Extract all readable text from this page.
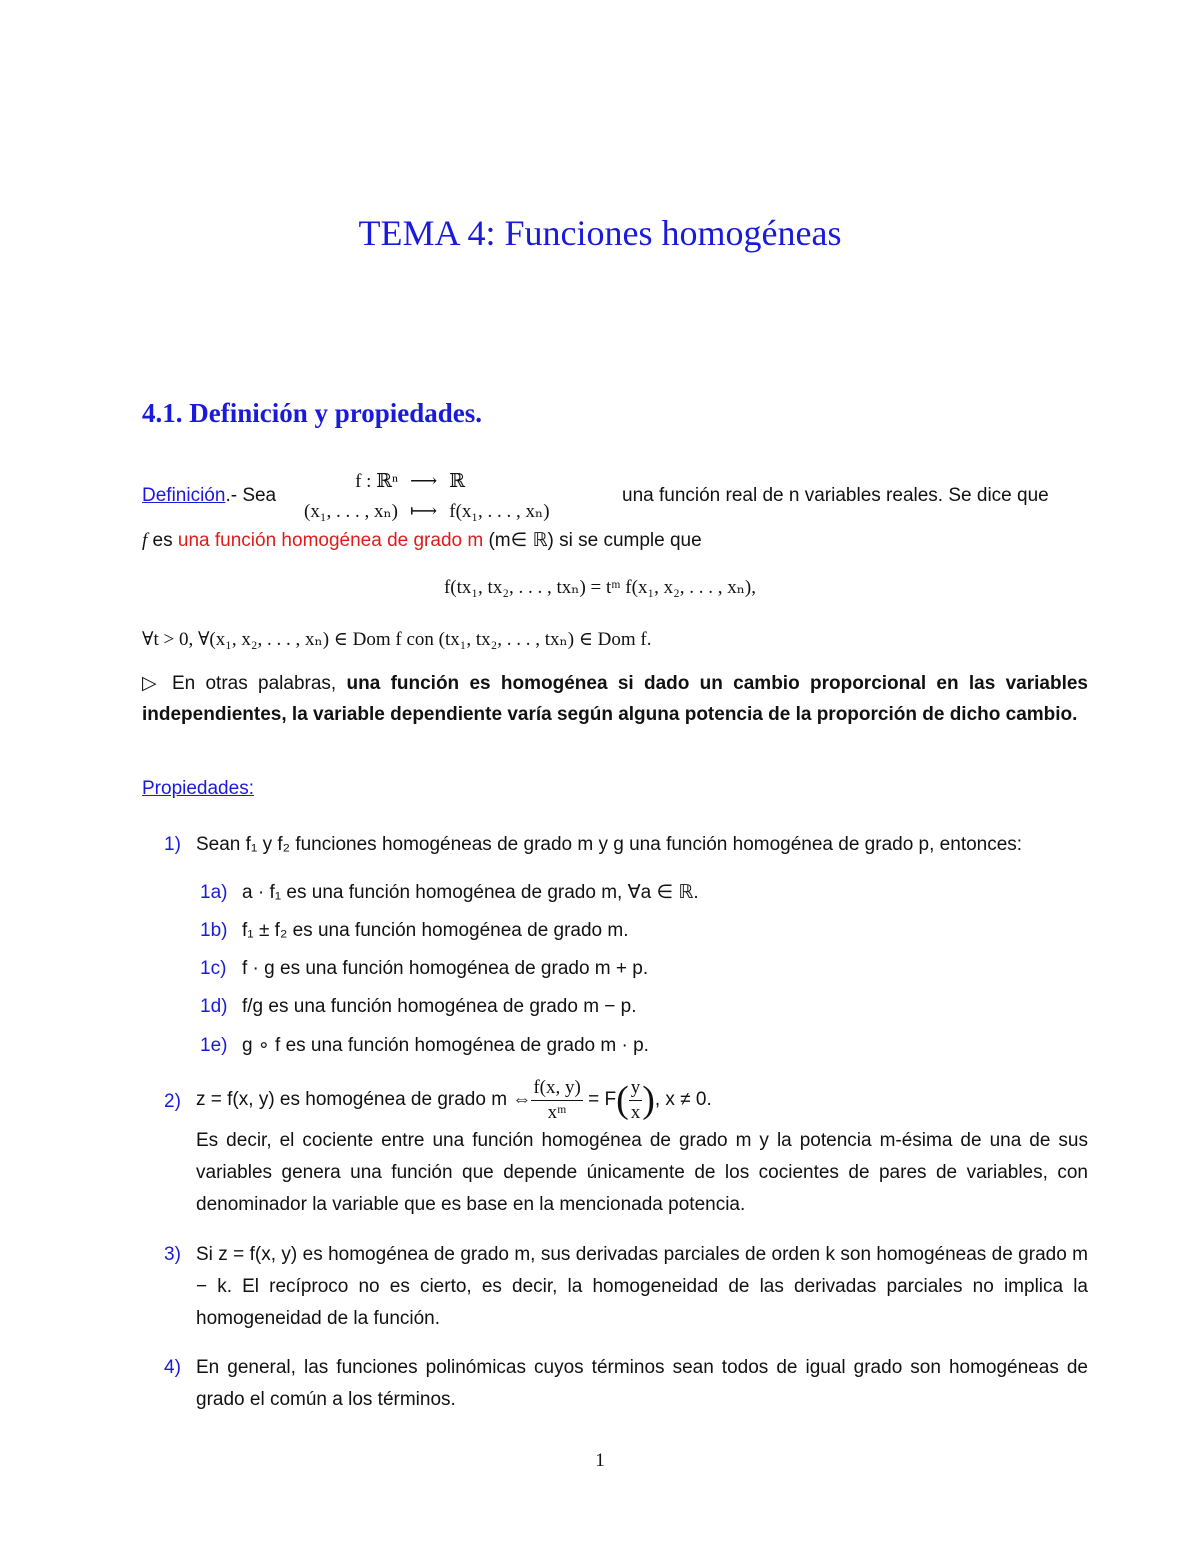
TEMA 4: Funciones homogéneas
4.1. Definición y propiedades.
Definición.- Sea
f : ℝⁿ	⟶	ℝ
(x₁, . . . , xₙ)	⟼	f(x₁, . . . , xₙ)
una función real de n variables reales. Se dice que
f es una función homogénea de grado m (m∈ ℝ) si se cumple que
f(tx₁, tx₂, . . . , txₙ) = tᵐ f(x₁, x₂, . . . , xₙ),
∀t > 0, ∀(x₁, x₂, . . . , xₙ) ∈ Dom f con (tx₁, tx₂, . . . , txₙ) ∈ Dom f.
▷ En otras palabras, una función es homogénea si dado un cambio proporcional en las variables independientes, la variable dependiente varía según alguna potencia de la proporción de dicho cambio.
Propiedades:
1) Sean f₁ y f₂ funciones homogéneas de grado m y g una función homogénea de grado p, entonces:
1a) a · f₁ es una función homogénea de grado m, ∀a ∈ ℝ.
1b) f₁ ± f₂ es una función homogénea de grado m.
1c) f · g es una función homogénea de grado m + p.
1d) f/g es una función homogénea de grado m − p.
1e) g ∘ f es una función homogénea de grado m · p.
2) z = f(x, y) es homogénea de grado m ⇔ $\frac{f(x, y)}{\text{xᵐ}} = F$ ( $\frac{y}{x}$ ) , x ≠ 0.
Es decir, el cociente entre una función homogénea de grado m y la potencia m-ésima de una de sus variables genera una función que depende únicamente de los cocientes de pares de variables, con denominador la variable que es base en la mencionada potencia.
3) Si z = f(x, y) es homogénea de grado m, sus derivadas parciales de orden k son homogéneas de grado m − k. El recíproco no es cierto, es decir, la homogeneidad de las derivadas parciales no implica la homogeneidad de la función.
4) En general, las funciones polinómicas cuyos términos sean todos de igual grado son homogéneas de grado el común a los términos.
1
